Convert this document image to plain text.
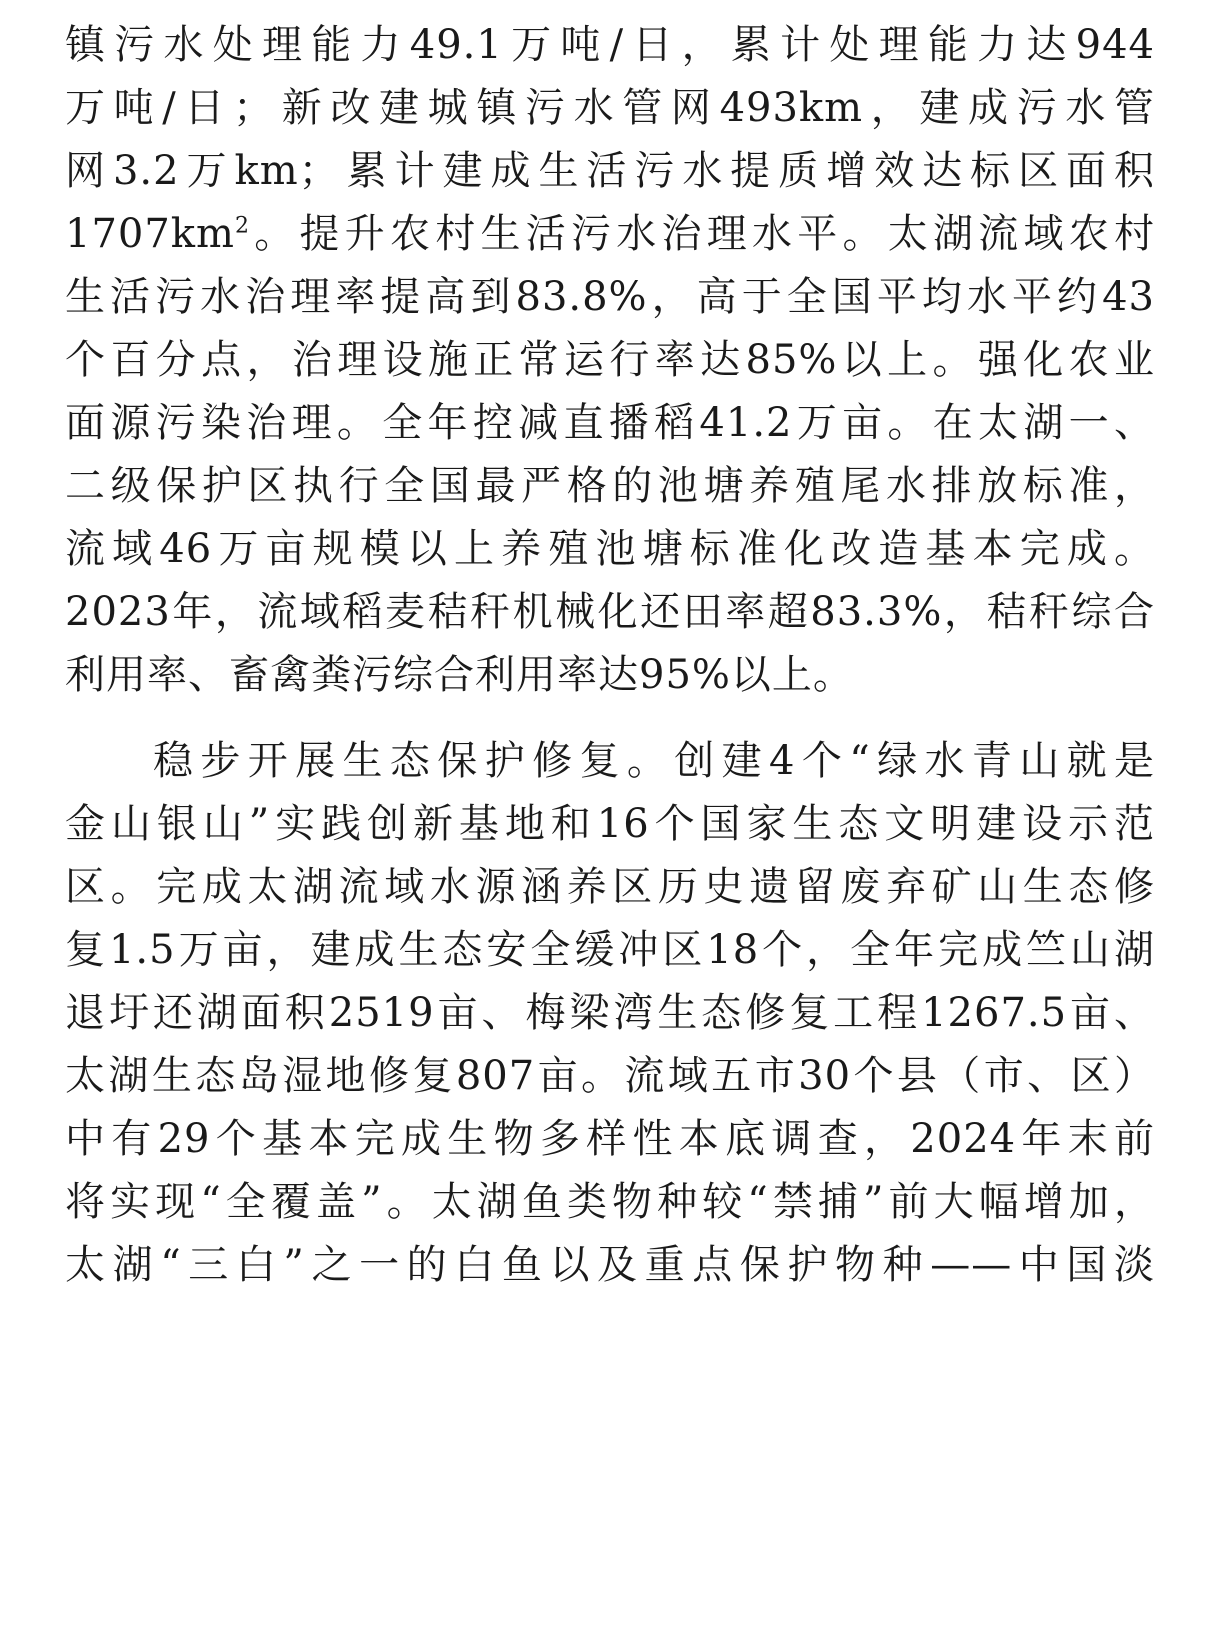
镇污水处理能力49.1万吨/日，累计处理能力达944
万吨/日；新改建城镇污水管网493km，建成污水管
网3.2万km；累计建成生活污水提质增效达标区面积
$1707km^2$。提升农村生活污水治理水平。太湖流域农村
生活污水治理率提高到83.8%，高于全国平均水平约43
个百分点，治理设施正常运行率达85%以上。强化农业
面源污染治理。全年控减直播稻41.2万亩。在太湖一、
二级保护区执行全国最严格的池塘养殖尾水排放标准，
流域46万亩规模以上养殖池塘标准化改造基本完成。
2023年，流域稻麦秸秆机械化还田率超83.3%，秸秆综合
利用率、畜禽粪污综合利用率达95%以上。
稳步开展生态保护修复。创建4个“绿水青山就是
金山银山”实践创新基地和16个国家生态文明建设示范
区。完成太湖流域水源涵养区历史遗留废弃矿山生态修
复1.5万亩，建成生态安全缓冲区18个，全年完成竺山湖
退圩还湖面积2519亩、梅梁湾生态修复工程1267.5亩、
太湖生态岛湿地修复807亩。流域五市30个县（市、区）
中有29个基本完成生物多样性本底调查，2024年末前
将实现“全覆盖”。太湖鱼类物种较“禁捕”前大幅增加，
太湖“三白”之一的白鱼以及重点保护物种——中国淡
